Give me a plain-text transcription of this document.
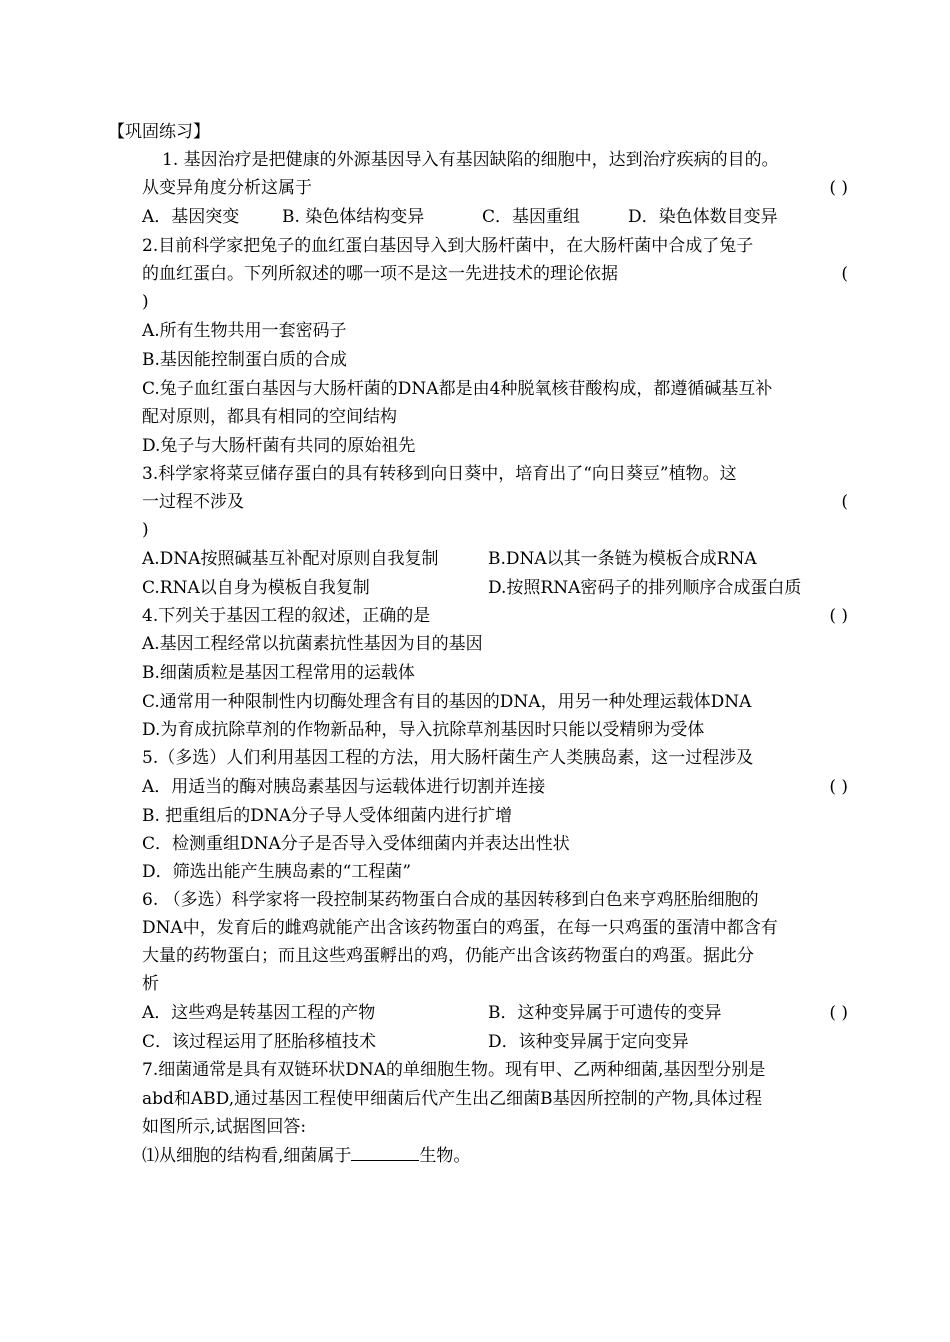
【巩固练习】
1. 基因治疗是把健康的外源基因导入有基因缺陷的细胞中，达到治疗疾病的目的。
从变异角度分析这属于	( )
A．基因突变	B. 染色体结构变异	C．基因重组	D．染色体数目变异
2.目前科学家把兔子的血红蛋白基因导入到大肠杆菌中，在大肠杆菌中合成了兔子
的血红蛋白。下列所叙述的哪一项不是这一先进技术的理论依据	(
)
A.所有生物共用一套密码子
B.基因能控制蛋白质的合成
C.兔子血红蛋白基因与大肠杆菌的DNA都是由4种脱氧核苷酸构成，都遵循碱基互补
配对原则，都具有相同的空间结构
D.兔子与大肠杆菌有共同的原始祖先
3.科学家将菜豆储存蛋白的具有转移到向日葵中，培育出了“向日葵豆”植物。这
一过程不涉及	(
)
A.DNA按照碱基互补配对原则自我复制	B.DNA以其一条链为模板合成RNA
C.RNA以自身为模板自我复制	D.按照RNA密码子的排列顺序合成蛋白质
4.下列关于基因工程的叙述，正确的是	( )
A.基因工程经常以抗菌素抗性基因为目的基因
B.细菌质粒是基因工程常用的运载体
C.通常用一种限制性内切酶处理含有目的基因的DNA，用另一种处理运载体DNA
D.为育成抗除草剂的作物新品种，导入抗除草剂基因时只能以受精卵为受体
5.（多选）人们利用基因工程的方法，用大肠杆菌生产人类胰岛素，这一过程涉及
A．用适当的酶对胰岛素基因与运载体进行切割并连接	( )
B. 把重组后的DNA分子导人受体细菌内进行扩增
C．检测重组DNA分子是否导入受体细菌内并表达出性状
D．筛选出能产生胰岛素的“工程菌”
6. （多选）科学家将一段控制某药物蛋白合成的基因转移到白色来亨鸡胚胎细胞的
DNA中，发育后的雌鸡就能产出含该药物蛋白的鸡蛋，在每一只鸡蛋的蛋清中都含有
大量的药物蛋白；而且这些鸡蛋孵出的鸡，仍能产出含该药物蛋白的鸡蛋。据此分
析
A．这些鸡是转基因工程的产物	B．这种变异属于可遗传的变异	( )
C．该过程运用了胚胎移植技术	D．该种变异属于定向变异
7.细菌通常是具有双链环状DNA的单细胞生物。现有甲、乙两种细菌,基因型分别是
abd和ABD,通过基因工程使甲细菌后代产生出乙细菌B基因所控制的产物,具体过程
如图所示,试据图回答:
⑴从细胞的结构看,细菌属于	生物。
